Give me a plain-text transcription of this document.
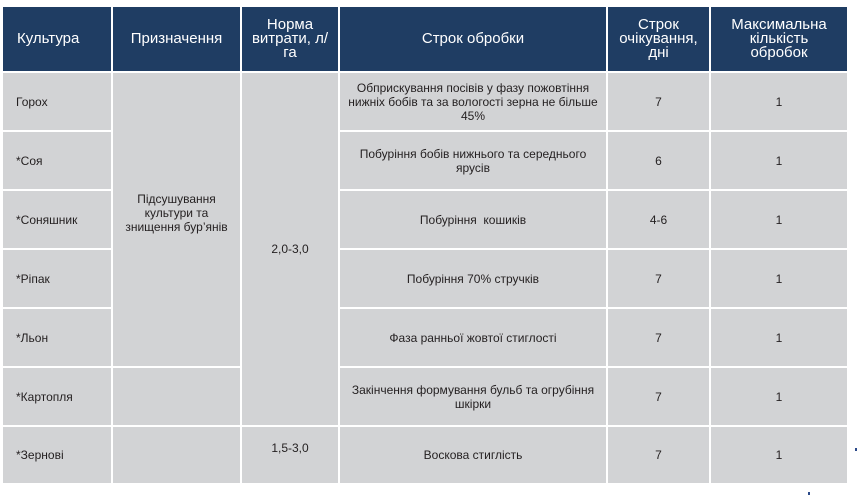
Культура	Призначення	Норма витрати, л/га	Строк обробки	Строк очікування, дні	Максимальна кількість обробок
Горох	Підсушування культури та знищення бур’янів	2,0-3,0	Обприскування посівів у фазу пожовтіння нижніх бобів та за вологості зерна не більше 45%	7	1
*Соя			Побуріння бобів нижнього та середнього ярусів	6	1
*Соняшник			Побуріння  кошиків	4-6	1
*Ріпак			Побуріння 70% стручків	7	1
*Льон			Фаза ранньої жовтої стиглості	7	1
*Картопля			Закінчення формування бульб та огрубіння шкірки	7	1
*Зернові		1,5-3,0	Воскова стиглість	7	1
